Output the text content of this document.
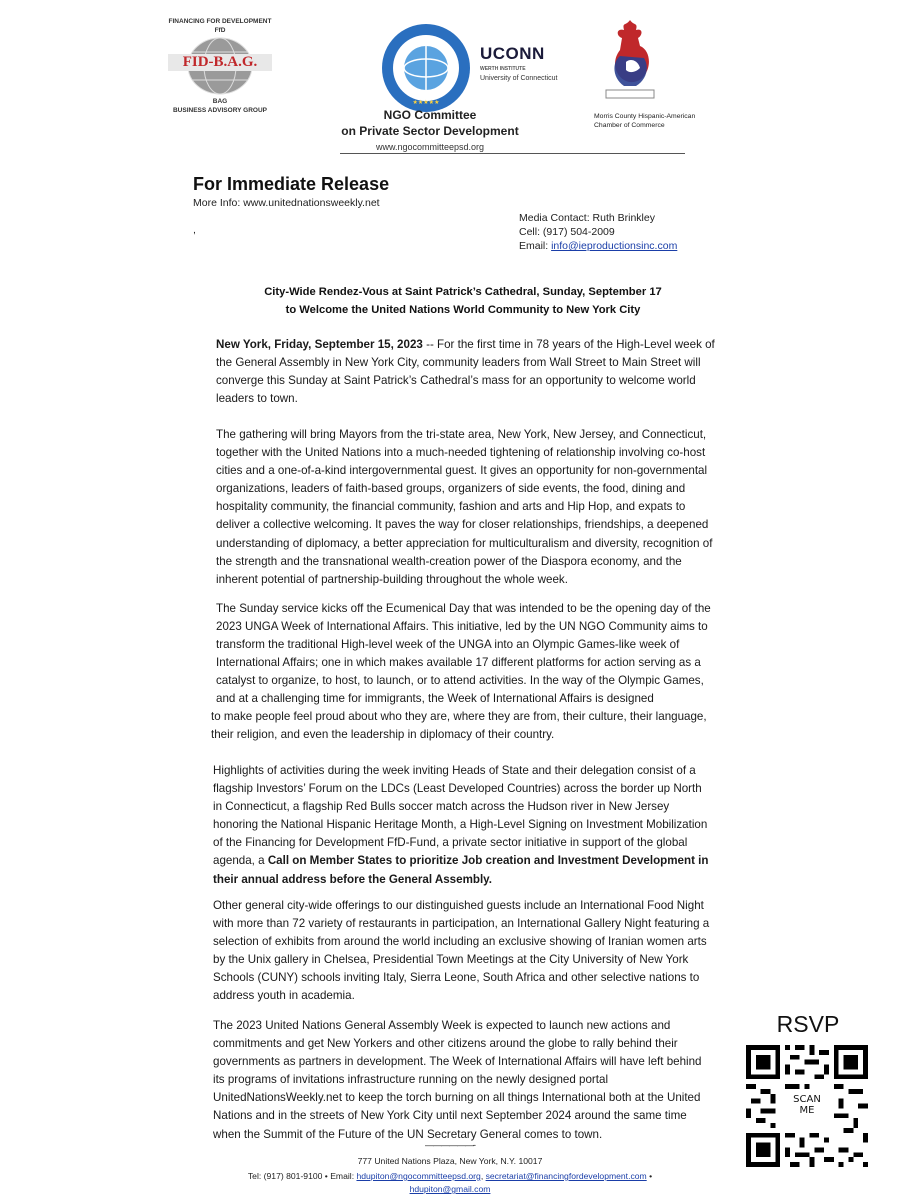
FINANCING FOR DEVELOPMENT
FfD
FID-B.A.G.
BAG
BUSINESS ADVISORY GROUP
★★★★★
NGO Committee
on Private Sector Development
www.ngocommitteepsd.org
UCONN
WERTH INSTITUTE
University of Connecticut
Morris County Hispanic-American
Chamber of Commerce
For Immediate Release
More Info: www.unitednationsweekly.net
,
Media Contact: Ruth Brinkley
Cell: (917) 504-2009
Email: info@ieproductionsinc.com
City-Wide Rendez-Vous at Saint Patrick’s Cathedral, Sunday, September 17
to Welcome the United Nations World Community to New York City

New York, Friday, September 15, 2023 -- For the first time in 78 years of the High-Level week of the General Assembly in New York City, community leaders from Wall Street to Main Street will converge this Sunday at Saint Patrick’s Cathedral’s mass for an opportunity to welcome world leaders to town.

The gathering will bring Mayors from the tri-state area, New York, New Jersey, and Connecticut, together with the United Nations into a much-needed tightening of relationship involving co-host cities and a one-of-a-kind intergovernmental guest. It gives an opportunity for non-governmental organizations, leaders of faith-based groups, organizers of side events, the food, dining and hospitality community, the financial community, fashion and arts and Hip Hop, and expats to deliver a collective welcoming. It paves the way for closer relationships, friendships, a deepened understanding of diplomacy, a better appreciation for multiculturalism and diversity, recognition of the strength and the transnational wealth-creation power of the Diaspora economy, and the inherent potential of partnership-building throughout the whole week.

The Sunday service kicks off the Ecumenical Day that was intended to be the opening day of the 2023 UNGA Week of International Affairs. This initiative, led by the UN NGO Community aims to transform the traditional High-level week of the UNGA into an Olympic Games-like week of International Affairs; one in which makes available 17 different platforms for action serving as a catalyst to organize, to host, to launch, or to attend activities. In the way of the Olympic Games, and at a challenging time for immigrants, the Week of International Affairs is designed

to make people feel proud about who they are, where they are from, their culture, their language, their religion, and even the leadership in diplomacy of their country.

Highlights of activities during the week inviting Heads of State and their delegation consist of a flagship Investors’ Forum on the LDCs (Least Developed Countries) across the border up North in Connecticut, a flagship Red Bulls soccer match across the Hudson river in New Jersey honoring the National Hispanic Heritage Month, a High-Level Signing on Investment Mobilization of the Financing for Development FfD-Fund, a private sector initiative in support of the global agenda, a Call on Member States to prioritize Job creation and Investment Development in their annual address before the General Assembly.

Other general city-wide offerings to our distinguished guests include an International Food Night with more than 72 variety of restaurants in participation, an International Gallery Night featuring a selection of exhibits from around the world including an exclusive showing of Iranian women arts by the Unix gallery in Chelsea, Presidential Town Meetings at the City University of New York Schools (CUNY) schools inviting Italy, Sierra Leone, South Africa and other selective nations to address youth in academia.

The 2023 United Nations General Assembly Week is expected to launch new actions and commitments and get New Yorkers and other citizens around the globe to rally behind their governments as partners in development. The Week of International Affairs will have left behind its programs of invitations infrastructure running on the newly designed portal UnitedNationsWeekly.net to keep the torch burning on all things International both at the United Nations and in the streets of New York City until next September 2024 around the same time when the Summit of the Future of the UN Secretary General comes to town.

RSVP
SCAN ME
——————-
777 United Nations Plaza, New York, N.Y. 10017
Tel: (917) 801-9100 • Email: hdupiton@ngocommitteepsd.org, secretariat@financingfordevelopment.com •
hdupiton@gmail.com
